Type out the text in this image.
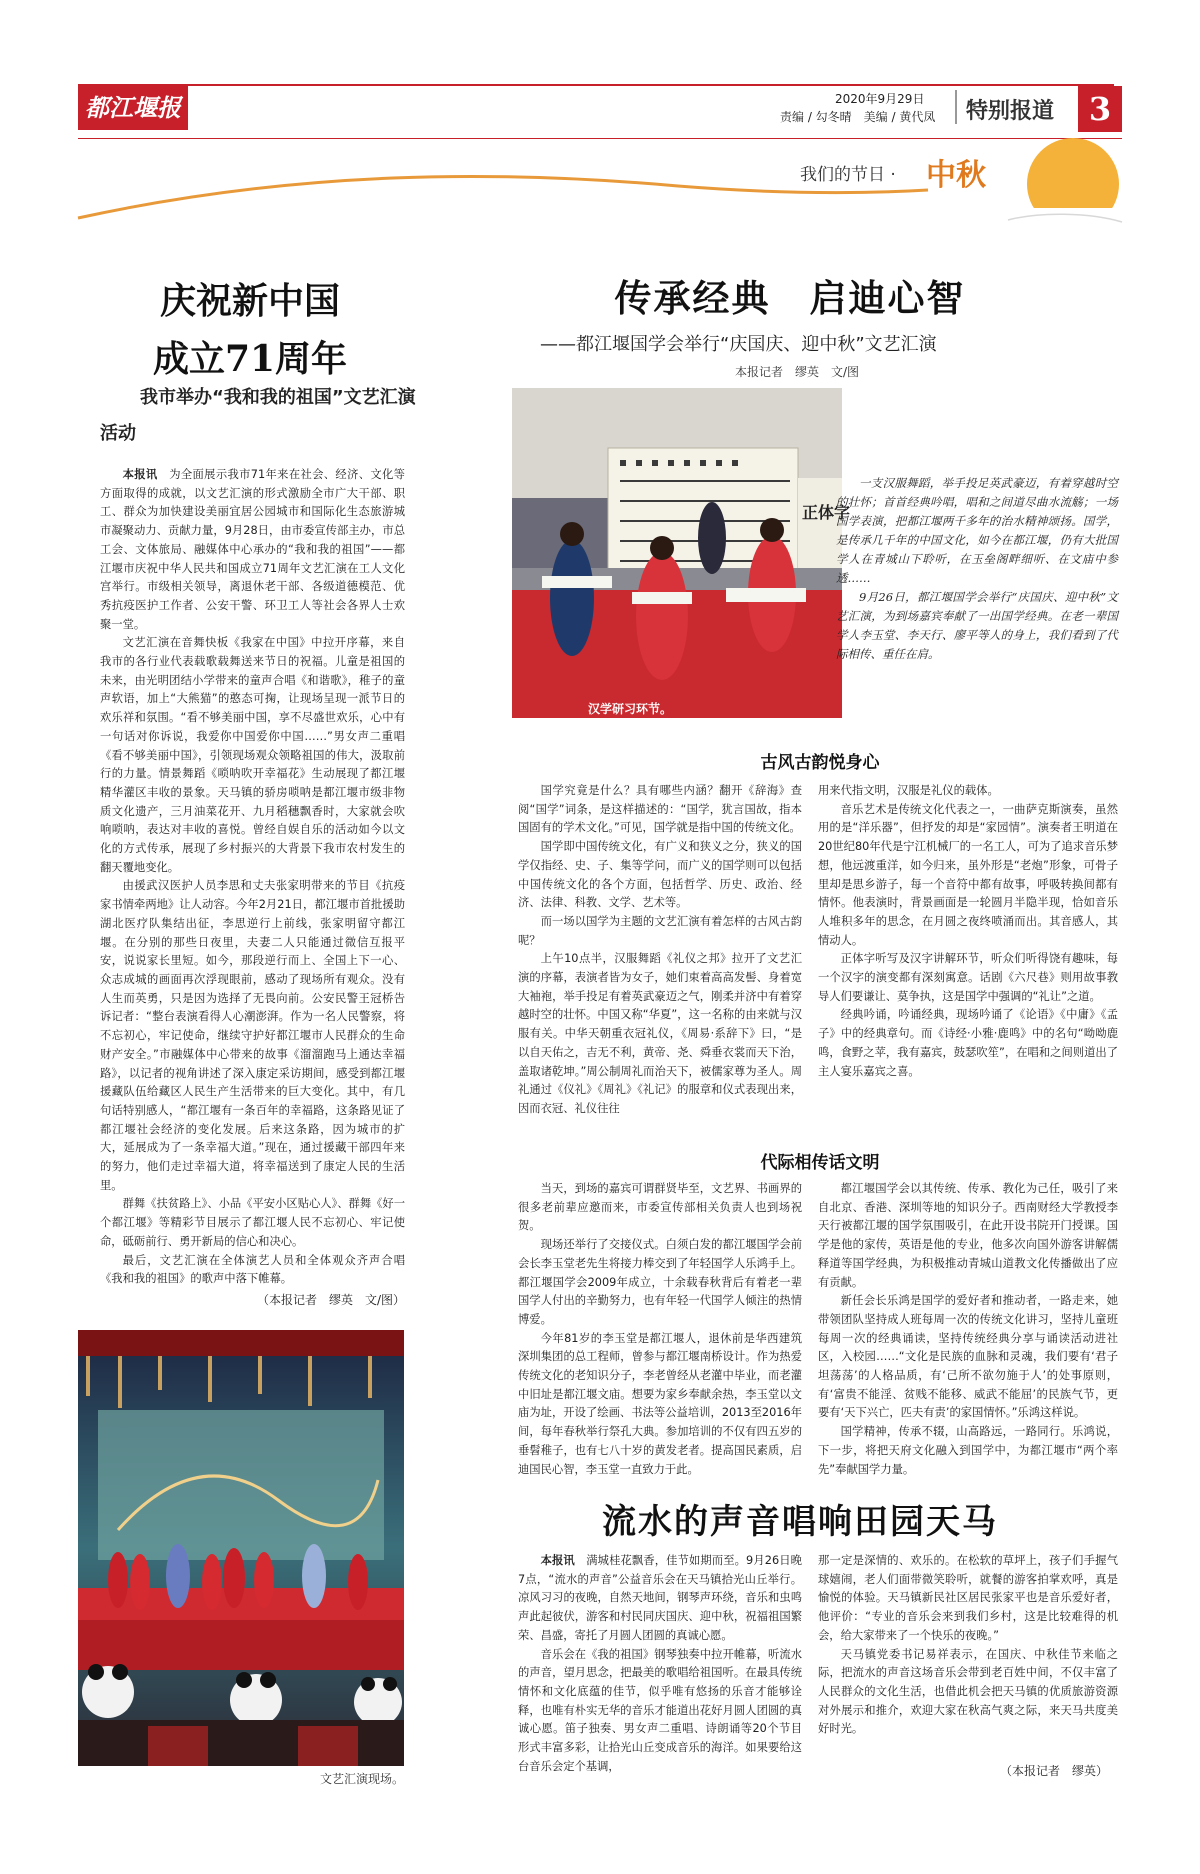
都江堰报	2020年9月29日
责编 / 勾冬晴　美编 / 黄代凤 特别报道	3
我们的节日 · 中秋
庆祝新中国
成立71周年
我市举办“我和我的祖国”文艺汇演活动

本报讯　 为全面展示我市71年来在社会、经济、文化等方面取得的成就，以文艺汇演的形式激励全市广大干部、职工、群众为加快建设美丽宜居公园城市和国际化生态旅游城市凝聚动力、贡献力量，9月28日，由市委宣传部主办，市总工会、文体旅局、融媒体中心承办的“我和我的祖国”——都江堰市庆祝中华人民共和国成立71周年文艺汇演在工人文化宫举行。市级相关领导，离退休老干部、各级道德模范、优秀抗疫医护工作者、公安干警、环卫工人等社会各界人士欢聚一堂。

文艺汇演在音舞快板《我家在中国》中拉开序幕，来自我市的各行业代表载歌载舞送来节日的祝福。儿童是祖国的未来，由光明团结小学带来的童声合唱《和谐歌》，稚子的童声软语，加上“大熊猫”的憨态可掬，让现场呈现一派节日的欢乐祥和氛围。“看不够美丽中国，享不尽盛世欢乐，心中有一句话对你诉说，我爱你中国爱你中国……”男女声二重唱《看不够美丽中国》，引领现场观众领略祖国的伟大，汲取前行的力量。情景舞蹈《唢呐吹开幸福花》生动展现了都江堰精华灌区丰收的景象。天马镇的骄房唢呐是都江堰市级非物质文化遗产，三月油菜花开、九月稻穗飘香时，大家就会吹响唢呐，表达对丰收的喜悦。曾经自娱自乐的活动如今以文化的方式传承，展现了乡村振兴的大背景下我市农村发生的翻天覆地变化。

由援武汉医护人员李思和丈夫张家明带来的节目《抗疫家书情牵两地》让人动容。今年2月21日，都江堰市首批援助湖北医疗队集结出征，李思逆行上前线，张家明留守都江堰。在分别的那些日夜里，夫妻二人只能通过微信互报平安，说说家长里短。如今，那段逆行而上、全国上下一心、众志成城的画面再次浮现眼前，感动了现场所有观众。没有人生而英勇，只是因为选择了无畏向前。公安民警王冠桥告诉记者：“整台表演看得人心潮澎湃。作为一名人民警察，将不忘初心，牢记使命，继续守护好都江堰市人民群众的生命财产安全。”市融媒体中心带来的故事《溜溜跑马上通达幸福路》，以记者的视角讲述了深入康定采访期间，感受到都江堰援藏队伍给藏区人民生产生活带来的巨大变化。其中，有几句话特别感人，“都江堰有一条百年的幸福路，这条路见证了都江堰社会经济的变化发展。后来这条路，因为城市的扩大，延展成为了一条幸福大道。”现在，通过援藏干部四年来的努力，他们走过幸福大道，将幸福送到了康定人民的生活里。

群舞《扶贫路上》、小品《平安小区贴心人》、群舞《好一个都江堰》等精彩节目展示了都江堰人民不忘初心、牢记使命，砥砺前行、勇开新局的信心和决心。

最后，文艺汇演在全体演艺人员和全体观众齐声合唱《我和我的祖国》的歌声中落下帷幕。

（本报记者　缪英　文/图）
文艺汇演现场。
传承经典　启迪心智
——都江堰国学会举行“庆国庆、迎中秋”文艺汇演
本报记者　缪英　文/图
正体字
汉学研习环节。

一支汉服舞蹈，举手投足英武豪迈，有着穿越时空的壮怀；首首经典吟唱，唱和之间道尽曲水流觞；一场国学表演，把都江堰两千多年的治水精神颂扬。国学，是传承几千年的中国文化，如今在都江堰，仍有大批国学人在青城山下聆听，在玉垒阁畔细听、在文庙中参透……

9月26日，都江堰国学会举行“庆国庆、迎中秋”文艺汇演，为到场嘉宾奉献了一出国学经典。在老一辈国学人李玉堂、李天行、廖平等人的身上，我们看到了代际相传、重任在肩。

古风古韵悦身心

国学究竟是什么？具有哪些内涵？翻开《辞海》查阅“国学”词条，是这样描述的：“国学，犹言国故，指本国固有的学术文化。”可见，国学就是指中国的传统文化。

国学即中国传统文化，有广义和狭义之分，狭义的国学仅指经、史、子、集等学问，而广义的国学则可以包括中国传统文化的各个方面，包括哲学、历史、政治、经济、法律、科教、文学、艺术等。

而一场以国学为主题的文艺汇演有着怎样的古风古韵呢？

上午10点半，汉服舞蹈《礼仪之邦》拉开了文艺汇演的序幕，表演者皆为女子，她们束着高高发髻、身着宽大袖袍，举手投足有着英武豪迈之气，刚柔并济中有着穿越时空的壮怀。中国又称“华夏”，这一名称的由来就与汉服有关。中华天朝重衣冠礼仪，《周易·系辞下》曰，“是以自天佑之，吉无不利，黄帝、尧、舜垂衣裳而天下治，盖取诸乾坤。”周公制周礼而治天下，被儒家尊为圣人。周礼通过《仪礼》《周礼》《礼记》的服章和仪式表现出来，因而衣冠、礼仪往往

用来代指文明，汉服是礼仪的载体。

音乐艺术是传统文化代表之一，一曲萨克斯演奏，虽然用的是“洋乐器”，但抒发的却是“家园情”。演奏者王明道在20世纪80年代是宁江机械厂的一名工人，可为了追求音乐梦想，他远渡重洋，如今归来，虽外形是“老炮”形象，可骨子里却是思乡游子，每一个音符中都有故事，呼吸转换间都有情怀。他表演时，背景画面是一轮圆月半隐半现，恰如音乐人堆积多年的思念，在月圆之夜终喷涌而出。其音感人，其情动人。

正体字听写及汉字讲解环节，听众们听得饶有趣味，每一个汉字的演变都有深刻寓意。话剧《六尺巷》则用故事教导人们要谦让、莫争执，这是国学中强调的“礼让”之道。

经典吟诵，吟诵经典，现场吟诵了《论语》《中庸》《孟子》中的经典章句。而《诗经·小雅·鹿鸣》中的名句“呦呦鹿鸣，食野之苹，我有嘉宾，鼓瑟吹笙”，在唱和之间则道出了主人宴乐嘉宾之喜。

代际相传话文明

当天，到场的嘉宾可谓群贤毕至，文艺界、书画界的很多老前辈应邀而来，市委宣传部相关负责人也到场祝贺。

现场还举行了交接仪式。白须白发的都江堰国学会前会长李玉堂老先生将接力棒交到了年轻国学人乐鸿手上。都江堰国学会2009年成立，十余载春秋背后有着老一辈国学人付出的辛勤努力，也有年轻一代国学人倾注的热情博爱。

今年81岁的李玉堂是都江堰人，退休前是华西建筑深圳集团的总工程师，曾参与都江堰南桥设计。作为热爱传统文化的老知识分子，李老曾经从老灌中毕业，而老灌中旧址是都江堰文庙。想要为家乡奉献余热，李玉堂以文庙为址，开设了绘画、书法等公益培训，2013至2016年间，每年春秋举行祭孔大典。参加培训的不仅有四五岁的垂髫稚子，也有七八十岁的黄发老者。提高国民素质，启迪国民心智，李玉堂一直致力于此。

都江堰国学会以其传统、传承、教化为己任，吸引了来自北京、香港、深圳等地的知识分子。西南财经大学教授李天行被都江堰的国学氛围吸引，在此开设书院开门授课。国学是他的家传，英语是他的专业，他多次向国外游客讲解儒释道等国学经典，为积极推动青城山道教文化传播做出了应有贡献。

新任会长乐鸿是国学的爱好者和推动者，一路走来，她带领团队坚持成人班每周一次的传统文化讲习，坚持儿童班每周一次的经典诵读，坚持传统经典分享与诵读活动进社区，入校园……“文化是民族的血脉和灵魂，我们要有‘君子坦荡荡’的人格品质，有‘己所不欲勿施于人’的处事原则，有‘富贵不能淫、贫贱不能移、威武不能屈’的民族气节，更要有‘天下兴亡，匹夫有责’的家国情怀。”乐鸿这样说。

国学精神，传承不辍，山高路远，一路同行。乐鸿说，下一步，将把天府文化融入到国学中，为都江堰市“两个率先”奉献国学力量。

流水的声音唱响田园天马

本报讯　 满城桂花飘香，佳节如期而至。9月26日晚7点，“流水的声音”公益音乐会在天马镇拾光山丘举行。凉风习习的夜晚，自然天地间，钢琴声环绕，音乐和虫鸣声此起彼伏，游客和村民同庆国庆、迎中秋，祝福祖国繁荣、昌盛，寄托了月圆人团圆的真诚心愿。

音乐会在《我的祖国》钢琴独奏中拉开帷幕，听流水的声音，望月思念，把最美的歌唱给祖国听。在最具传统情怀和文化底蕴的佳节，似乎唯有悠扬的乐音才能够诠释，也唯有朴实无华的音乐才能道出花好月圆人团圆的真诚心愿。笛子独奏、男女声二重唱、诗朗诵等20个节目形式丰富多彩，让拾光山丘变成音乐的海洋。如果要给这台音乐会定个基调，

那一定是深情的、欢乐的。在松软的草坪上，孩子们手握气球嬉闹，老人们面带微笑聆听，就餐的游客拍掌欢呼，真是愉悦的体验。天马镇新民社区居民张家平也是音乐爱好者，他评价：“专业的音乐会来到我们乡村，这是比较难得的机会，给大家带来了一个快乐的夜晚。”

天马镇党委书记易祥表示，在国庆、中秋佳节来临之际，把流水的声音这场音乐会带到老百姓中间，不仅丰富了人民群众的文化生活，也借此机会把天马镇的优质旅游资源对外展示和推介，欢迎大家在秋高气爽之际，来天马共度美好时光。

（本报记者　缪英）
